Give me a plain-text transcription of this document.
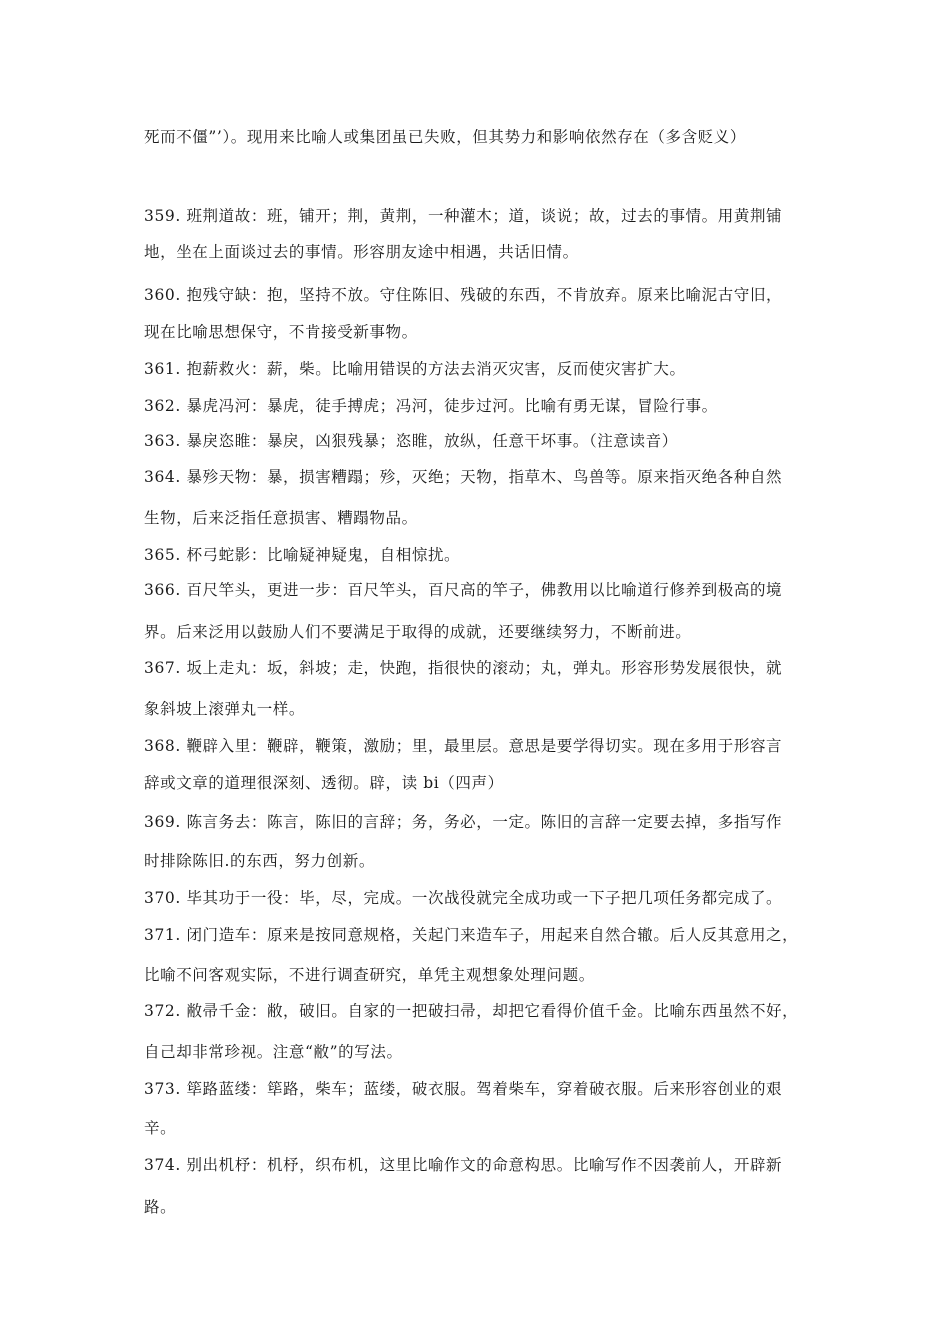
死而不僵”’）。现用来比喻人或集团虽已失败，但其势力和影响依然存在（多含贬义）
359. 班荆道故：班，铺开；荆，黄荆，一种灌木；道，谈说；故，过去的事情。用黄荆铺
地，坐在上面谈过去的事情。形容朋友途中相遇，共话旧情。
360. 抱残守缺：抱，坚持不放。守住陈旧、残破的东西，不肯放弃。原来比喻泥古守旧，
现在比喻思想保守，不肯接受新事物。
361. 抱薪救火：薪，柴。比喻用错误的方法去消灭灾害，反而使灾害扩大。
362. 暴虎冯河：暴虎，徒手搏虎；冯河，徒步过河。比喻有勇无谋，冒险行事。
363. 暴戾恣睢：暴戾，凶狠残暴；恣睢，放纵，任意干坏事。（注意读音）
364. 暴殄天物：暴，损害糟蹋；殄，灭绝；天物，指草木、鸟兽等。原来指灭绝各种自然
生物，后来泛指任意损害、糟蹋物品。
365. 杯弓蛇影：比喻疑神疑鬼，自相惊扰。
366. 百尺竿头，更进一步：百尺竿头，百尺高的竿子，佛教用以比喻道行修养到极高的境
界。后来泛用以鼓励人们不要满足于取得的成就，还要继续努力，不断前进。
367. 坂上走丸：坂，斜坡；走，快跑，指很快的滚动；丸，弹丸。形容形势发展很快，就
象斜坡上滚弹丸一样。
368. 鞭辟入里：鞭辟，鞭策，激励；里，最里层。意思是要学得切实。现在多用于形容言
辞或文章的道理很深刻、透彻。辟，读 bi（四声）
369. 陈言务去：陈言，陈旧的言辞；务，务必，一定。陈旧的言辞一定要去掉，多指写作
时排除陈旧.的东西，努力创新。
370. 毕其功于一役：毕，尽，完成。一次战役就完全成功或一下子把几项任务都完成了。
371. 闭门造车：原来是按同意规格，关起门来造车子，用起来自然合辙。后人反其意用之，
比喻不问客观实际，不进行调查研究，单凭主观想象处理问题。
372. 敝帚千金：敝，破旧。自家的一把破扫帚，却把它看得价值千金。比喻东西虽然不好，
自己却非常珍视。注意“敝”的写法。
373. 筚路蓝缕：筚路，柴车；蓝缕，破衣服。驾着柴车，穿着破衣服。后来形容创业的艰
辛。
374. 别出机杼：机杼，织布机，这里比喻作文的命意构思。比喻写作不因袭前人，开辟新
路。
